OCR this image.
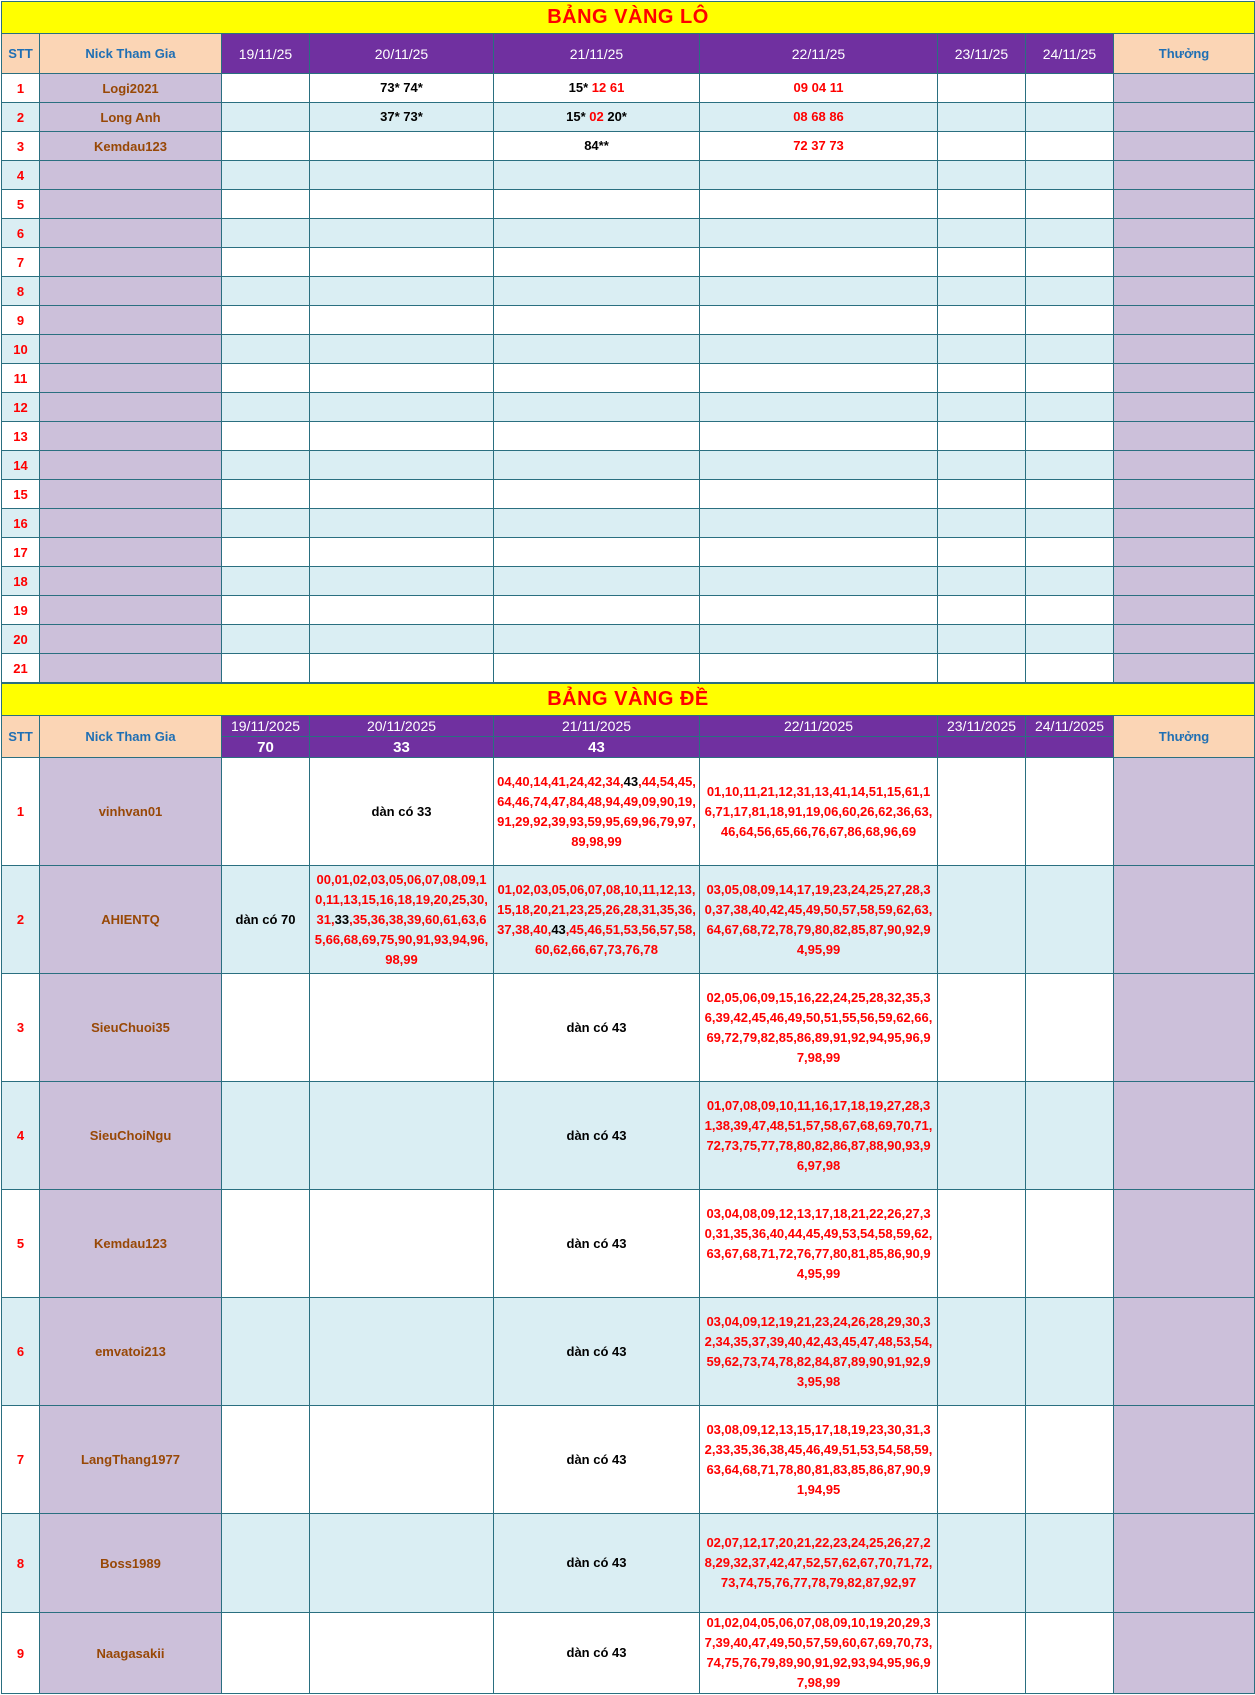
BẢNG VÀNG LÔ								
STT	Nick Tham Gia	19/11/25	20/11/25	21/11/25	22/11/25	23/11/25	24/11/25	Thưởng
1	Logi2021		73* 74*	15* 12 61	09 04 11			
2	Long Anh		37* 73*	15* 02 20*	08 68 86			
3	Kemdau123			84**	72 37 73			
4								
5								
6								
7								
8								
9								
10								
11								
12								
13								
14								
15								
16								
17								
18								
19								
20								
21								
BẢNG VÀNG ĐỀ								
STT	Nick Tham Gia	19/11/2025	20/11/2025	21/11/2025	22/11/2025	23/11/2025	24/11/2025	Thưởng
		70	33	43				
1	vinhvan01		dàn có 33	04,40,14,41,24,42,34,43,44,54,45,64,46,74,47,84,48,94,49,09,90,19,91,29,92,39,93,59,95,69,96,79,97,89,98,99	01,10,11,21,12,31,13,41,14,51,15,61,16,71,17,81,18,91,19,06,60,26,62,36,63,46,64,56,65,66,76,67,86,68,96,69			
2	AHIENTQ	dàn có 70	00,01,02,03,05,06,07,08,09,10,11,13,15,16,18,19,20,25,30,31,33,35,36,38,39,60,61,63,65,66,68,69,75,90,91,93,94,96,98,99	01,02,03,05,06,07,08,10,11,12,13,15,18,20,21,23,25,26,28,31,35,36,37,38,40,43,45,46,51,53,56,57,58,60,62,66,67,73,76,78	03,05,08,09,14,17,19,23,24,25,27,28,30,37,38,40,42,45,49,50,57,58,59,62,63,64,67,68,72,78,79,80,82,85,87,90,92,94,95,99			
3	SieuChuoi35			dàn có 43	02,05,06,09,15,16,22,24,25,28,32,35,36,39,42,45,46,49,50,51,55,56,59,62,66,69,72,79,82,85,86,89,91,92,94,95,96,97,98,99			
4	SieuChoiNgu			dàn có 43	01,07,08,09,10,11,16,17,18,19,27,28,31,38,39,47,48,51,57,58,67,68,69,70,71,72,73,75,77,78,80,82,86,87,88,90,93,96,97,98			
5	Kemdau123			dàn có 43	03,04,08,09,12,13,17,18,21,22,26,27,30,31,35,36,40,44,45,49,53,54,58,59,62,63,67,68,71,72,76,77,80,81,85,86,90,94,95,99			
6	emvatoi213			dàn có 43	03,04,09,12,19,21,23,24,26,28,29,30,32,34,35,37,39,40,42,43,45,47,48,53,54,59,62,73,74,78,82,84,87,89,90,91,92,93,95,98			
7	LangThang1977			dàn có 43	03,08,09,12,13,15,17,18,19,23,30,31,32,33,35,36,38,45,46,49,51,53,54,58,59,63,64,68,71,78,80,81,83,85,86,87,90,91,94,95			
8	Boss1989			dàn có 43	02,07,12,17,20,21,22,23,24,25,26,27,28,29,32,37,42,47,52,57,62,67,70,71,72,73,74,75,76,77,78,79,82,87,92,97			
9	Naagasakii			dàn có 43	01,02,04,05,06,07,08,09,10,19,20,29,37,39,40,47,49,50,57,59,60,67,69,70,73,74,75,76,79,89,90,91,92,93,94,95,96,97,98,99			
